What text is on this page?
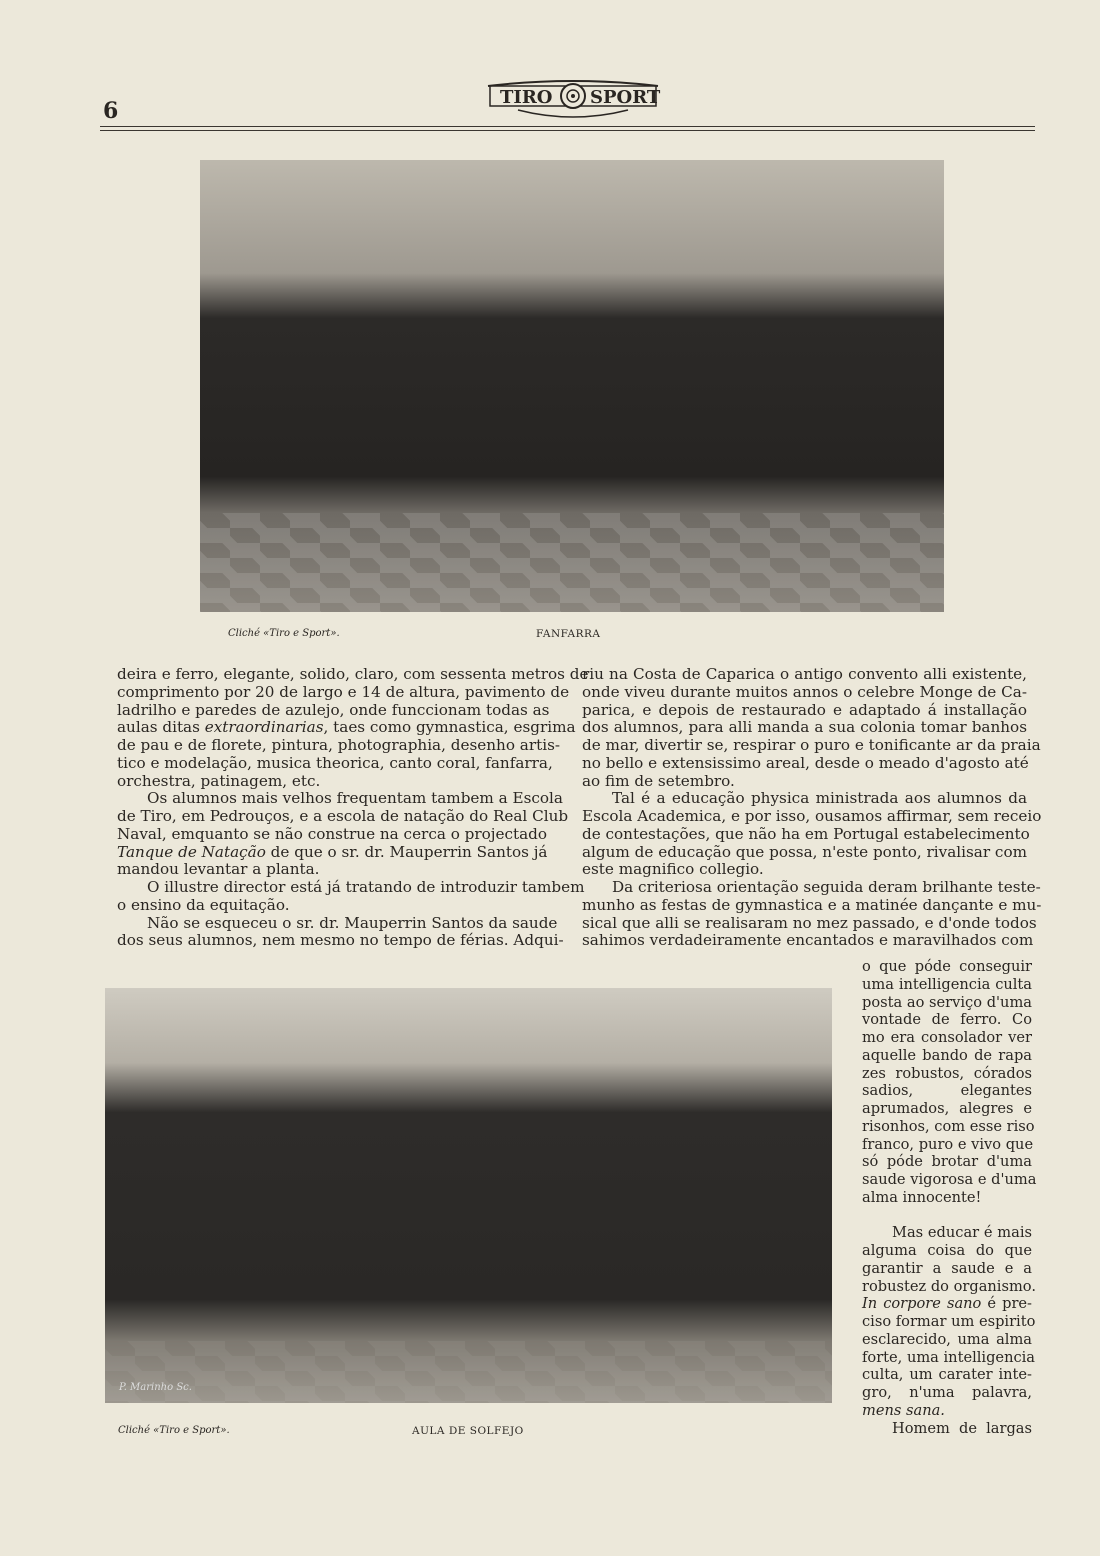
6
TIRO SPORT
Cliché «Tiro e Sport».	FANFARRA
deira e ferro, elegante, solido, claro, com sessenta metros de
comprimento por 20 de largo e 14 de altura, pavimento de
ladrilho e paredes de azulejo, onde funccionam todas as
aulas ditas extraordinarias, taes como gymnastica, esgrima
de pau e de florete, pintura, photographia, desenho artis-
tico e modelação, musica theorica, canto coral, fanfarra,
orchestra, patinagem, etc.
Os alumnos mais velhos frequentam tambem a Escola
de Tiro, em Pedrouços, e a escola de natação do Real Club
Naval, emquanto se não construe na cerca o projectado
Tanque de Natação de que o sr. dr. Mauperrin Santos já
mandou levantar a planta.
O illustre director está já tratando de introduzir tambem
o ensino da equitação.
Não se esqueceu o sr. dr. Mauperrin Santos da saude
dos seus alumnos, nem mesmo no tempo de férias. Adqui-
riu na Costa de Caparica o antigo convento alli existente,
onde viveu durante muitos annos o celebre Monge de Ca-
parica, e depois de restaurado e adaptado á installação
dos alumnos, para alli manda a sua colonia tomar banhos
de mar, divertir se, respirar o puro e tonificante ar da praia
no bello e extensissimo areal, desde o meado d'agosto até
ao fim de setembro.
Tal é a educação physica ministrada aos alumnos da
Escola Academica, e por isso, ousamos affirmar, sem receio
de contestações, que não ha em Portugal estabelecimento
algum de educação que possa, n'este ponto, rivalisar com
este magnifico collegio.
Da criteriosa orientação seguida deram brilhante teste-
munho as festas de gymnastica e a matinée dançante e mu-
sical que alli se realisaram no mez passado, e d'onde todos
sahimos verdadeiramente encantados e maravilhados com
P. Marinho Sc.
Cliché «Tiro e Sport».	AULA DE SOLFEJO
o que póde conseguir
uma intelligencia culta
posta ao serviço d'uma
vontade de ferro. Co
mo era consolador ver
aquelle bando de rapa
zes robustos, córados
sadios, elegantes
aprumados, alegres e
risonhos, com esse riso
franco, puro e vivo que
só póde brotar d'uma
saude vigorosa e d'uma
alma innocente!

Mas educar é mais
alguma coisa do que
garantir a saude e a
robustez do organismo.
In corpore sano é pre-
ciso formar um espirito
esclarecido, uma alma
forte, uma intelligencia
culta, um carater inte-
gro, n'uma palavra,
mens sana.
Homem de largas
